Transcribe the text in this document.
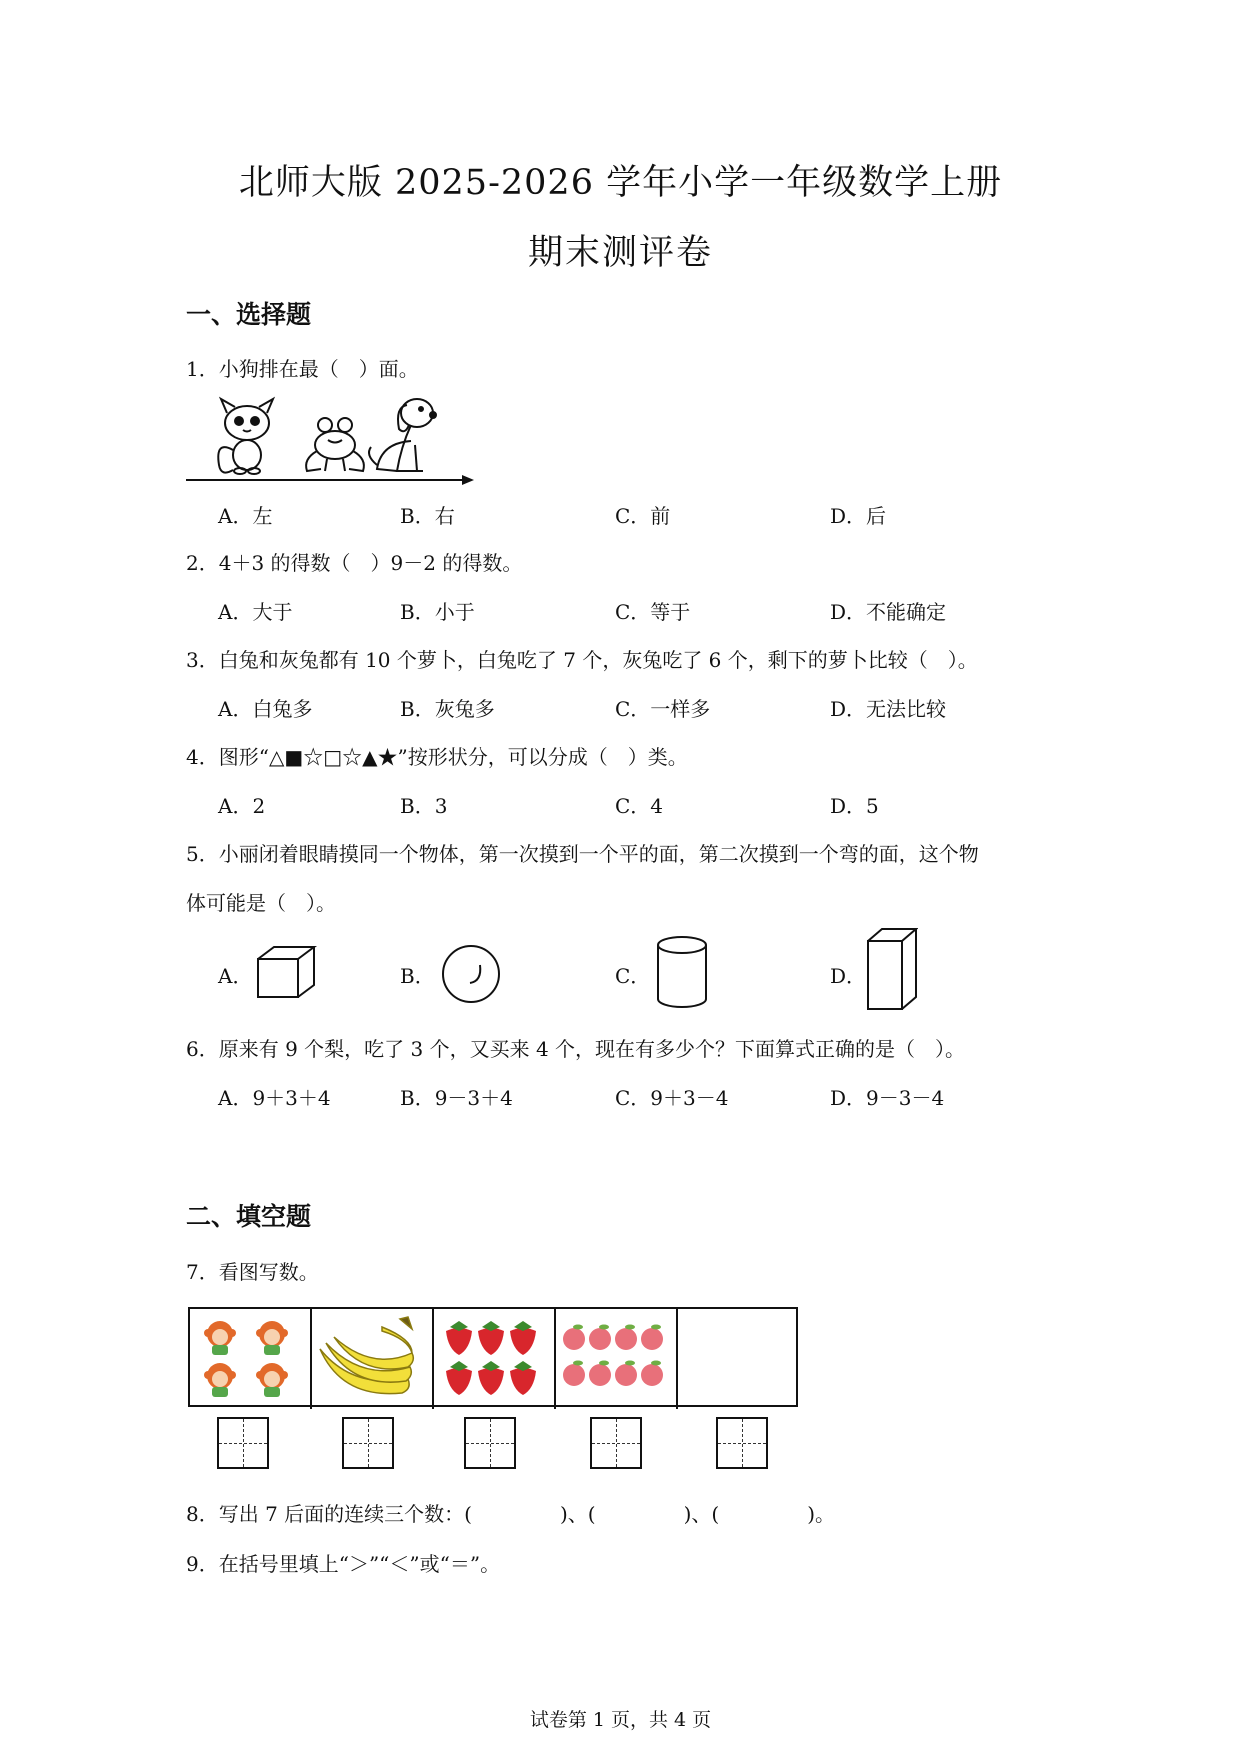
北师大版 2025-2026 学年小学一年级数学上册
期末测评卷
一、选择题
1．小狗排在最（　）面。
A．左	B．右	C．前	D．后
2．4＋3 的得数（　）9－2 的得数。
A．大于	B．小于	C．等于	D．不能确定
3．白兔和灰兔都有 10 个萝卜，白兔吃了 7 个，灰兔吃了 6 个，剩下的萝卜比较（　）。
A．白兔多	B．灰兔多	C．一样多	D．无法比较
4．图形“△■☆□☆▲★”按形状分，可以分成（　）类。
A．2	B．3	C．4	D．5
5．小丽闭着眼睛摸同一个物体，第一次摸到一个平的面，第二次摸到一个弯的面，这个物
体可能是（　）。
A．	B．	C．	D．
6．原来有 9 个梨，吃了 3 个，又买来 4 个，现在有多少个？下面算式正确的是（　）。
A．9＋3＋4	B．9－3＋4	C．9＋3－4	D．9－3－4
二、填空题
7．看图写数。
8．写出 7 后面的连续三个数：(	)、(	)、(	)。
9．在括号里填上“＞”“＜”或“＝”。
试卷第 1 页，共 4 页
